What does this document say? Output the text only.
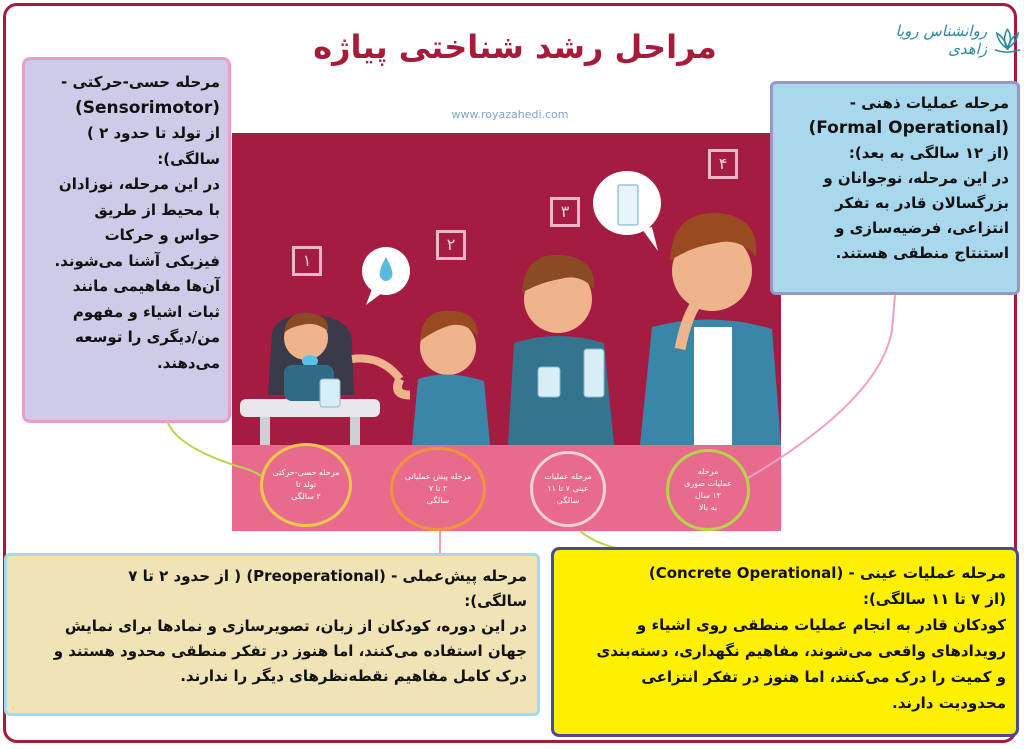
روانشناس رویا زاهدی
مراحل رشد شناختی پیاژه
www.royazahedi.com
۱
۲
۳
۴
مرحله حسی-حرکتی
تولد تا
۲ سالگی
مرحله پیش عملیاتی
۲ تا ۷
سالگی
مرحله عملیات
عینی ۷ تا ۱۱
سالگی
مرحله
عملیات صوری
۱۲ سال
به بالا

مرحله حسی-حرکتی -

(Sensorimotor)

از تولد تا حدود ۲ )

سالگی):

در این مرحله، نوزادان

با محیط از طریق

حواس و حرکات

فیزیکی آشنا می‌شوند.

آن‌ها مفاهیمی مانند

ثبات اشیاء و مفهوم

من/دیگری را توسعه

می‌دهند.

مرحله عملیات ذهنی -

(Formal Operational)

(از ۱۲ سالگی به بعد):

در این مرحله، نوجوانان و

بزرگسالان قادر به تفکر

انتزاعی، فرضیه‌سازی و

استنتاج منطقی هستند.

مرحله پیش‌عملی - (Preoperational) ( از حدود ۲ تا ۷

سالگی):

در این دوره، کودکان از زبان، تصویرسازی و نمادها برای نمایش

جهان استفاده می‌کنند، اما هنوز در تفکر منطقی محدود هستند و

درک کامل مفاهیم نقطه‌نظرهای دیگر را ندارند.

مرحله عملیات عینی - (Concrete Operational)

(از ۷ تا ۱۱ سالگی):

کودکان قادر به انجام عملیات منطقی روی اشیاء و

رویدادهای واقعی می‌شوند، مفاهیم نگهداری، دسته‌بندی

و کمیت را درک می‌کنند، اما هنوز در تفکر انتزاعی

محدودیت دارند.
